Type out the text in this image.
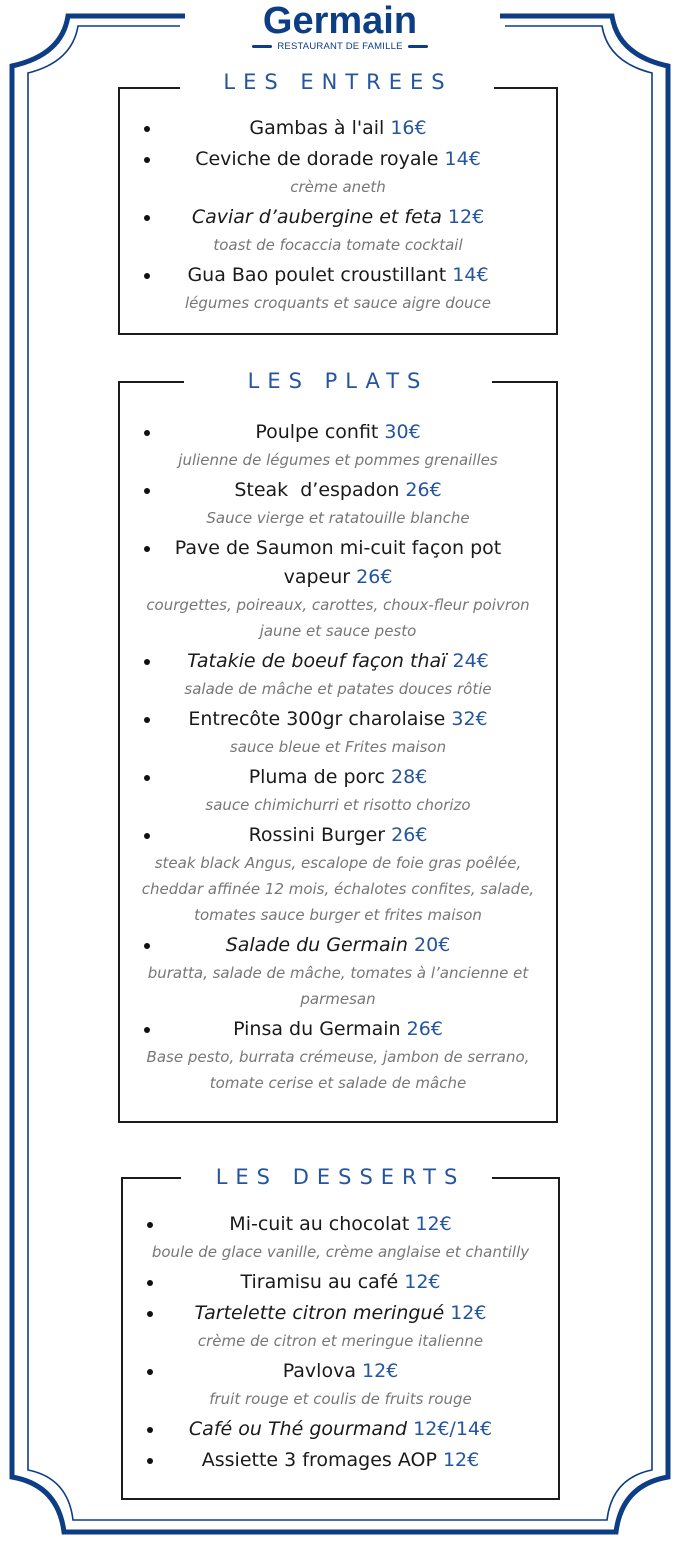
Germain
RESTAURANT DE FAMILLE
LES ENTREES
Gambas à l'ail 16€
Ceviche de dorade royale 14€
crème aneth
Caviar d’aubergine et feta 12€
toast de focaccia tomate cocktail
Gua Bao poulet croustillant 14€
légumes croquants et sauce aigre douce
LES PLATS
Poulpe confit 30€
julienne de légumes et pommes grenailles
Steak  d’espadon 26€
Sauce vierge et ratatouille blanche
Pave de Saumon mi-cuit façon pot vapeur 26€
courgettes, poireaux, carottes, choux-fleur poivron jaune et sauce pesto
Tatakie de boeuf façon thaï 24€
salade de mâche et patates douces rôtie
Entrecôte 300gr charolaise 32€
sauce bleue et Frites maison
Pluma de porc 28€
sauce chimichurri et risotto chorizo
Rossini Burger 26€
steak black Angus, escalope de foie gras poêlée, cheddar affinée 12 mois, échalotes confites, salade, tomates sauce burger et frites maison
Salade du Germain 20€
buratta, salade de mâche, tomates à l’ancienne et parmesan
Pinsa du Germain 26€
Base pesto, burrata crémeuse, jambon de serrano, tomate cerise et salade de mâche
LES DESSERTS
Mi-cuit au chocolat 12€
boule de glace vanille, crème anglaise et chantilly
Tiramisu au café 12€
Tartelette citron meringué 12€
crème de citron et meringue italienne
Pavlova 12€
fruit rouge et coulis de fruits rouge
Café ou Thé gourmand 12€/14€
Assiette 3 fromages AOP 12€
